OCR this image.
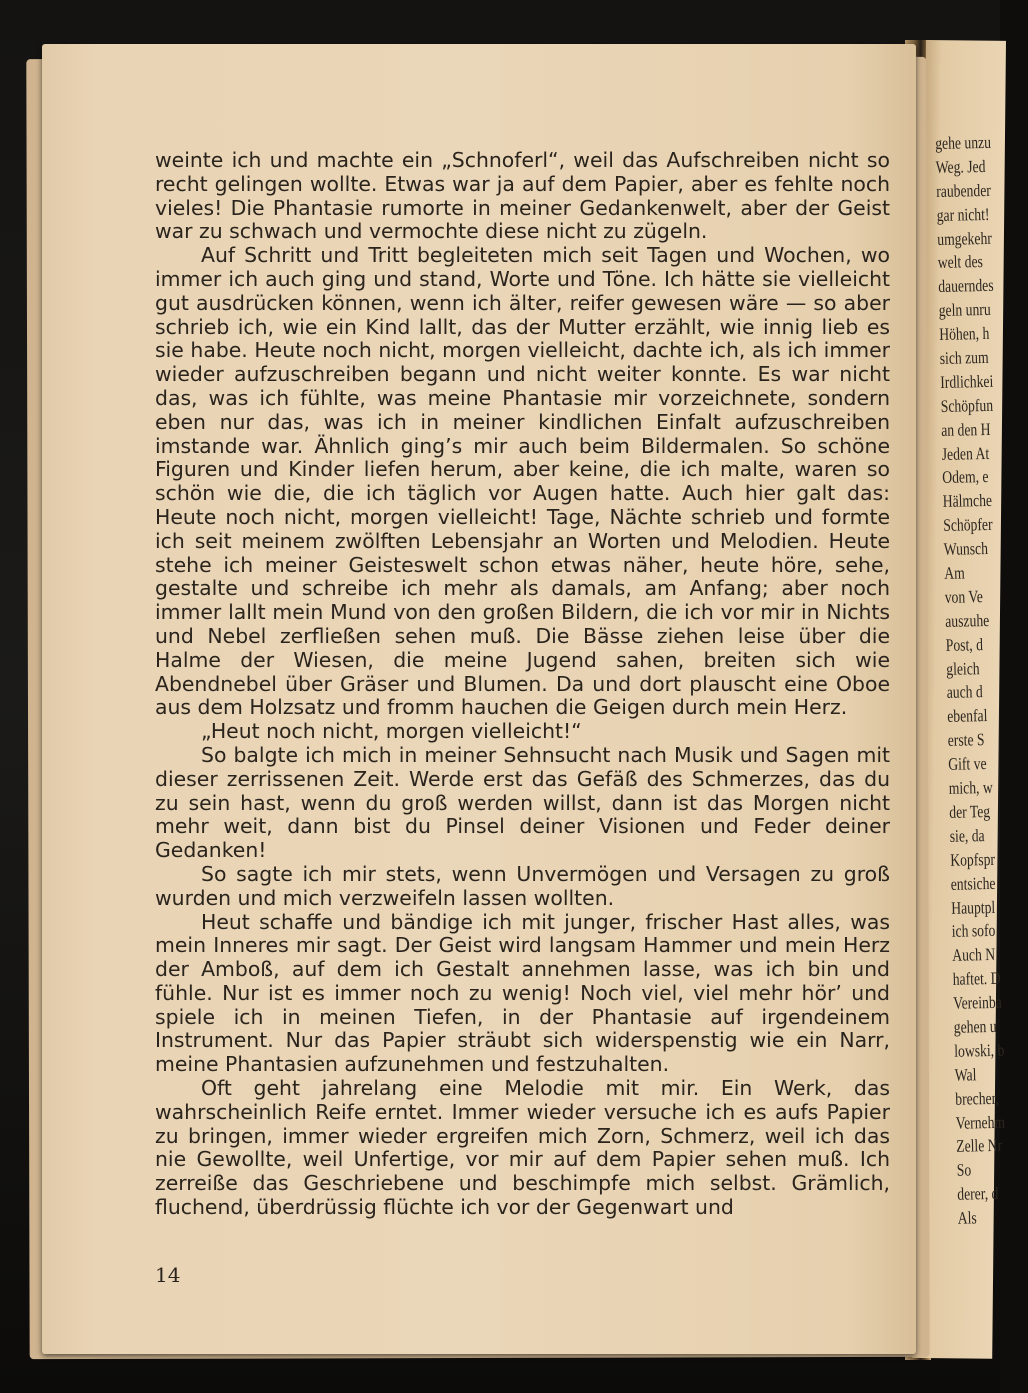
weinte ich und machte ein „Schnoferl“, weil das Aufschreiben nicht so recht gelingen wollte. Etwas war ja auf dem Papier, aber es fehlte noch vieles! Die Phantasie rumorte in meiner Gedankenwelt, aber der Geist war zu schwach und vermochte diese nicht zu zügeln.

Auf Schritt und Tritt begleiteten mich seit Tagen und Wochen, wo immer ich auch ging und stand, Worte und Töne. Ich hätte sie vielleicht gut ausdrücken können, wenn ich älter, reifer gewesen wäre — so aber schrieb ich, wie ein Kind lallt, das der Mutter erzählt, wie innig lieb es sie habe. Heute noch nicht, morgen vielleicht, dachte ich, als ich immer wieder aufzuschreiben begann und nicht weiter konnte. Es war nicht das, was ich fühlte, was meine Phantasie mir vorzeichnete, sondern eben nur das, was ich in meiner kindlichen Einfalt aufzuschreiben imstande war. Ähnlich ging’s mir auch beim Bildermalen. So schöne Figuren und Kinder liefen herum, aber keine, die ich malte, waren so schön wie die, die ich täglich vor Augen hatte. Auch hier galt das: Heute noch nicht, morgen vielleicht! Tage, Nächte schrieb und formte ich seit meinem zwölften Lebensjahr an Worten und Melodien. Heute stehe ich meiner Geisteswelt schon etwas näher, heute höre, sehe, gestalte und schreibe ich mehr als damals, am Anfang; aber noch immer lallt mein Mund von den großen Bildern, die ich vor mir in Nichts und Nebel zerfließen sehen muß. Die Bässe ziehen leise über die Halme der Wiesen, die meine Jugend sahen, breiten sich wie Abendnebel über Gräser und Blumen. Da und dort plauscht eine Oboe aus dem Holzsatz und fromm hauchen die Geigen durch mein Herz.

„Heut noch nicht, morgen vielleicht!“

So balgte ich mich in meiner Sehnsucht nach Musik und Sagen mit dieser zerrissenen Zeit. Werde erst das Gefäß des Schmerzes, das du zu sein hast, wenn du groß werden willst, dann ist das Morgen nicht mehr weit, dann bist du Pinsel deiner Visionen und Feder deiner Gedanken!

So sagte ich mir stets, wenn Unvermögen und Versagen zu groß wurden und mich verzweifeln lassen wollten.

Heut schaffe und bändige ich mit junger, frischer Hast alles, was mein Inneres mir sagt. Der Geist wird langsam Hammer und mein Herz der Amboß, auf dem ich Gestalt annehmen lasse, was ich bin und fühle. Nur ist es immer noch zu wenig! Noch viel, viel mehr hör’ und spiele ich in meinen Tiefen, in der Phantasie auf irgendeinem Instrument. Nur das Papier sträubt sich widerspenstig wie ein Narr, meine Phantasien aufzunehmen und festzuhalten.

Oft geht jahrelang eine Melodie mit mir. Ein Werk, das wahrscheinlich Reife erntet. Immer wieder versuche ich es aufs Papier zu bringen, immer wieder ergreifen mich Zorn, Schmerz, weil ich das nie Gewollte, weil Unfertige, vor mir auf dem Papier sehen muß. Ich zerreiße das Geschriebene und beschimpfe mich selbst. Grämlich, fluchend, überdrüssig flüchte ich vor der Gegenwart und

14
gehe unzu
Weg. Jed
raubender
gar nicht!
umgekehr
welt des
dauerndes
geln unru
Höhen, h
sich zum
Irdlichkei
Schöpfun
an den H
Jeden At
Odem, e
Hälmche
Schöpfer
Wunsch
Am
von Ve
auszuhe
Post, d
gleich
auch d
ebenfal
erste S
Gift ve
mich, w
der Teg
sie, da
Kopfspr
entsiche
Hauptpl
ich sofo
Auch N
haftet. D
Vereinba
gehen u
lowski, b
Wal
brecher,
Vernehm
Zelle Nr
So
derer, d
Als
